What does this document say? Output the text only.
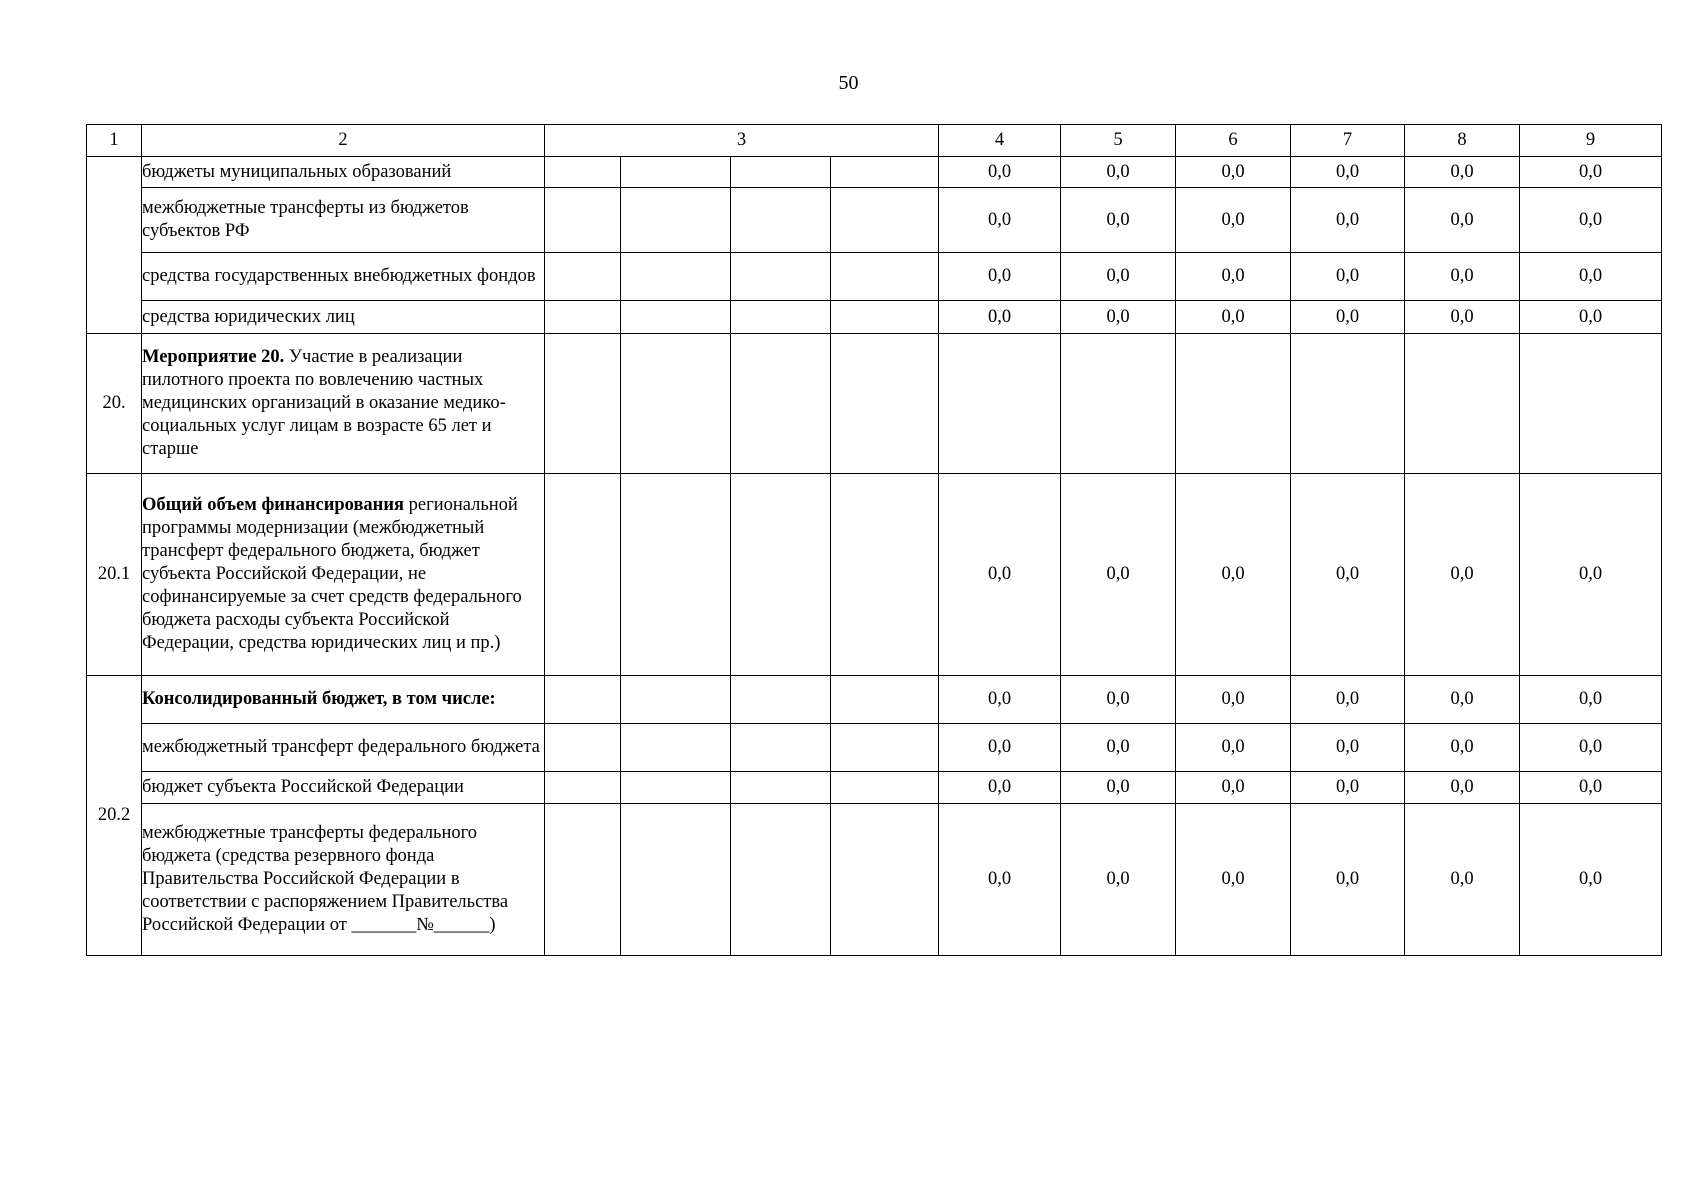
50
1	2	3				4	5	6	7	8	9
	бюджеты муниципальных образований					0,0	0,0	0,0	0,0	0,0	0,0
	межбюджетные трансферты из бюджетов субъектов РФ					0,0	0,0	0,0	0,0	0,0	0,0
	средства государственных внебюджетных фондов					0,0	0,0	0,0	0,0	0,0	0,0
	средства юридических лиц					0,0	0,0	0,0	0,0	0,0	0,0
20.	Мероприятие 20. Участие в реализации пилотного проекта по вовлечению частных медицинских организаций в оказание медико-социальных услуг лицам в возрасте 65 лет и старше										
20.1	Общий объем финансирования региональной программы модернизации (межбюджетный трансферт федерального бюджета, бюджет субъекта Российской Федерации, не софинансируемые за счет средств федерального бюджета расходы субъекта Российской Федерации, средства юридических лиц и пр.)					0,0	0,0	0,0	0,0	0,0	0,0
20.2	Консолидированный бюджет, в том числе:					0,0	0,0	0,0	0,0	0,0	0,0
	межбюджетный трансферт федерального бюджета					0,0	0,0	0,0	0,0	0,0	0,0
	бюджет субъекта Российской Федерации					0,0	0,0	0,0	0,0	0,0	0,0
	межбюджетные трансферты федерального бюджета (средства резервного фонда Правительства Российской Федерации в соответствии с распоряжением Правительства Российской Федерации от _______№______)					0,0	0,0	0,0	0,0	0,0	0,0
